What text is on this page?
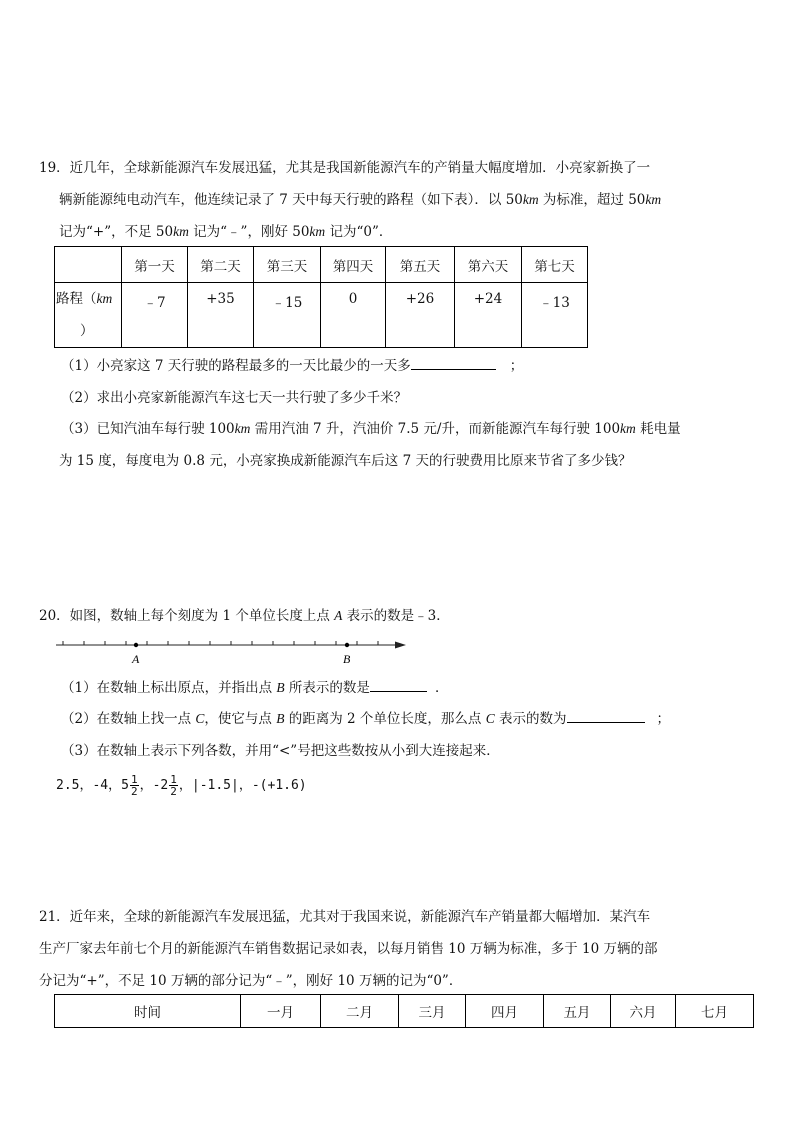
19．近几年，全球新能源汽车发展迅猛，尤其是我国新能源汽车的产销量大幅度增加．小亮家新换了一
辆新能源纯电动汽车，他连续记录了 7 天中每天行驶的路程（如下表）．以 50km 为标准，超过 50km
记为“+”，不足 50km 记为“﹣”，刚好 50km 记为“0”．
	第一天	第二天	第三天	第四天	第五天	第六天	第七天
路程（km
）	﹣7	+35	﹣15	0	+26	+24	﹣13
（1）小亮家这 7 天行驶的路程最多的一天比最少的一天多	；
（2）求出小亮家新能源汽车这七天一共行驶了多少千米？
（3）已知汽油车每行驶 100km 需用汽油 7 升，汽油价 7.5 元/升，而新能源汽车每行驶 100km 耗电量
为 15 度，每度电为 0.8 元，小亮家换成新能源汽车后这 7 天的行驶费用比原来节省了多少钱？
20．如图，数轴上每个刻度为 1 个单位长度上点 A 表示的数是﹣3．
A	B
（1）在数轴上标出原点，并指出点 B 所表示的数是	．
（2）在数轴上找一点 C，使它与点 B 的距离为 2 个单位长度，那么点 C 表示的数为	；
（3）在数轴上表示下列各数，并用“<”号把这些数按从小到大连接起来．
2.5，-4，$5 \frac{1}{2}$ ，$-2 \frac{1}{2}$ ，|-1.5|，-(+1.6)
21．近年来，全球的新能源汽车发展迅猛，尤其对于我国来说，新能源汽车产销量都大幅增加．某汽车
生产厂家去年前七个月的新能源汽车销售数据记录如表，以每月销售 10 万辆为标准，多于 10 万辆的部
分记为“+”，不足 10 万辆的部分记为“﹣”，刚好 10 万辆的记为“0”．
时间	一月	二月	三月	四月	五月	六月	七月
